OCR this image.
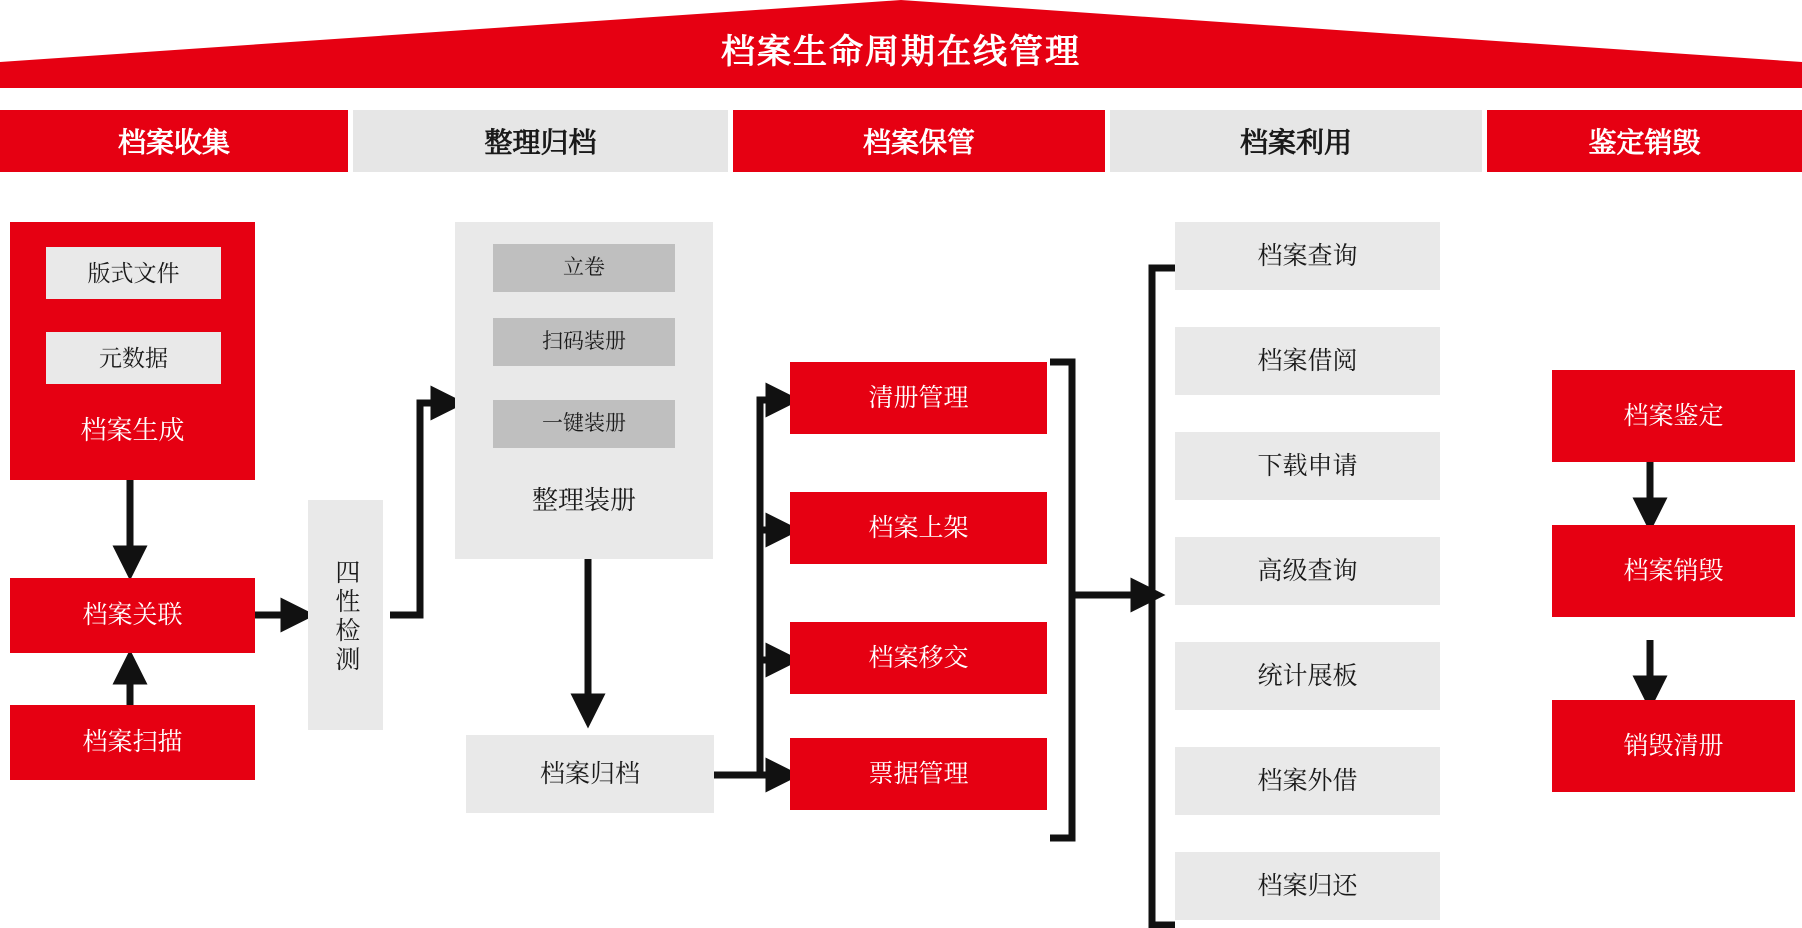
档案生命周期在线管理
档案收集	整理归档	档案保管	档案利用	鉴定销毁
版式文件
元数据
档案生成
档案关联
档案扫描
四性检测
立卷
扫码装册
一键装册
整理装册
档案归档
清册管理
档案上架
档案移交
票据管理
档案查询
档案借阅
下载申请
高级查询
统计展板
档案外借
档案归还
档案鉴定
档案销毁
销毁清册
